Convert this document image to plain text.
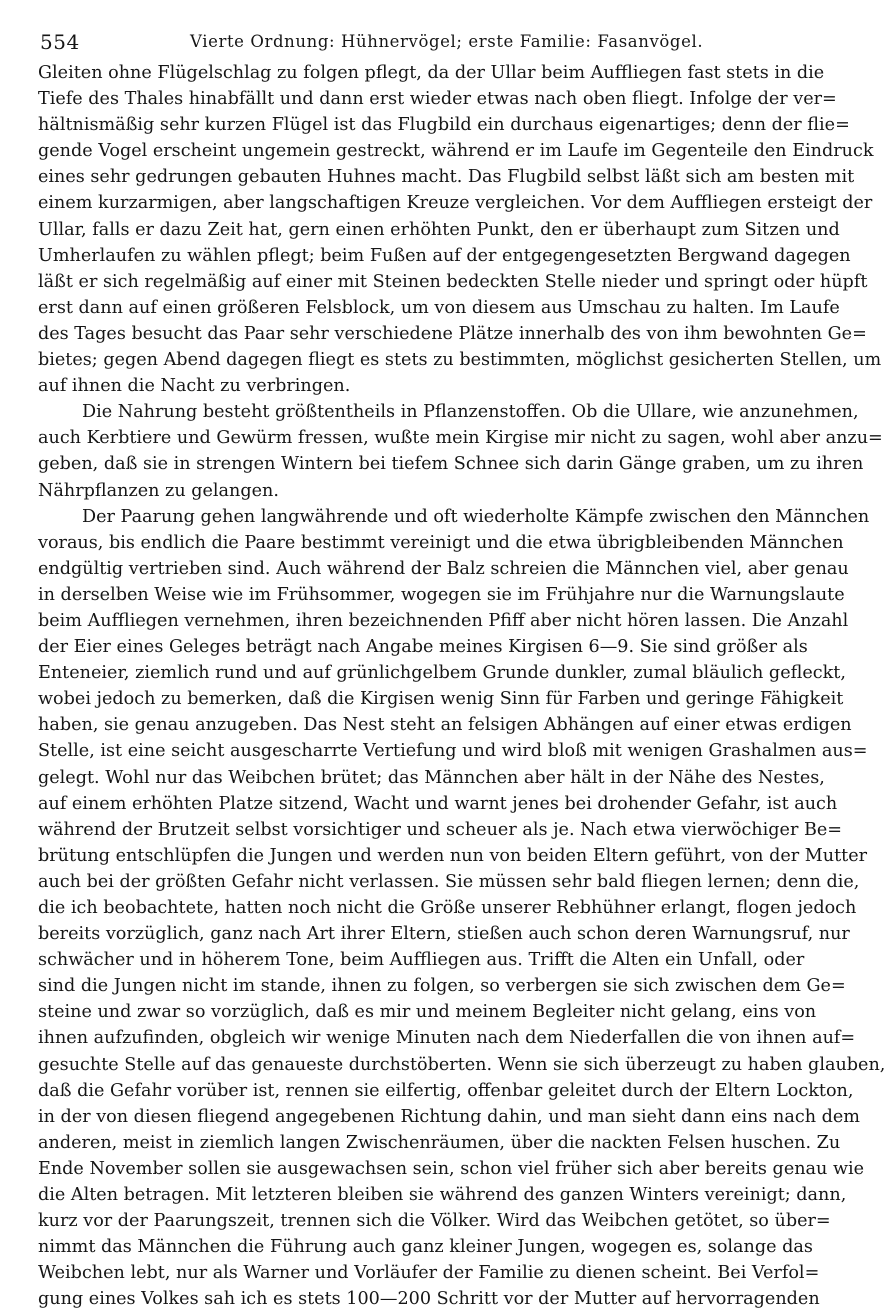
554	Vierte Ordnung: Hühnervögel; erste Familie: Fasanvögel.
Gleiten ohne Flügelschlag zu folgen pflegt, da der Ullar beim Auffliegen fast stets in die
Tiefe des Thales hinabfällt und dann erst wieder etwas nach oben fliegt. Infolge der ver=
hältnismäßig sehr kurzen Flügel ist das Flugbild ein durchaus eigenartiges; denn der flie=
gende Vogel erscheint ungemein gestreckt, während er im Laufe im Gegenteile den Eindruck
eines sehr gedrungen gebauten Huhnes macht. Das Flugbild selbst läßt sich am besten mit
einem kurzarmigen, aber langschaftigen Kreuze vergleichen. Vor dem Auffliegen ersteigt der
Ullar, falls er dazu Zeit hat, gern einen erhöhten Punkt, den er überhaupt zum Sitzen und
Umherlaufen zu wählen pflegt; beim Fußen auf der entgegengesetzten Bergwand dagegen
läßt er sich regelmäßig auf einer mit Steinen bedeckten Stelle nieder und springt oder hüpft
erst dann auf einen größeren Felsblock, um von diesem aus Umschau zu halten. Im Laufe
des Tages besucht das Paar sehr verschiedene Plätze innerhalb des von ihm bewohnten Ge=
bietes; gegen Abend dagegen fliegt es stets zu bestimmten, möglichst gesicherten Stellen, um
auf ihnen die Nacht zu verbringen.
Die Nahrung besteht größtentheils in Pflanzenstoffen. Ob die Ullare, wie anzunehmen,
auch Kerbtiere und Gewürm fressen, wußte mein Kirgise mir nicht zu sagen, wohl aber anzu=
geben, daß sie in strengen Wintern bei tiefem Schnee sich darin Gänge graben, um zu ihren
Nährpflanzen zu gelangen.
Der Paarung gehen langwährende und oft wiederholte Kämpfe zwischen den Männchen
voraus, bis endlich die Paare bestimmt vereinigt und die etwa übrigbleibenden Männchen
endgültig vertrieben sind. Auch während der Balz schreien die Männchen viel, aber genau
in derselben Weise wie im Frühsommer, wogegen sie im Frühjahre nur die Warnungslaute
beim Auffliegen vernehmen, ihren bezeichnenden Pfiff aber nicht hören lassen. Die Anzahl
der Eier eines Geleges beträgt nach Angabe meines Kirgisen 6—9. Sie sind größer als
Enteneier, ziemlich rund und auf grünlichgelbem Grunde dunkler, zumal bläulich gefleckt,
wobei jedoch zu bemerken, daß die Kirgisen wenig Sinn für Farben und geringe Fähigkeit
haben, sie genau anzugeben. Das Nest steht an felsigen Abhängen auf einer etwas erdigen
Stelle, ist eine seicht ausgescharrte Vertiefung und wird bloß mit wenigen Grashalmen aus=
gelegt. Wohl nur das Weibchen brütet; das Männchen aber hält in der Nähe des Nestes,
auf einem erhöhten Platze sitzend, Wacht und warnt jenes bei drohender Gefahr, ist auch
während der Brutzeit selbst vorsichtiger und scheuer als je. Nach etwa vierwöchiger Be=
brütung entschlüpfen die Jungen und werden nun von beiden Eltern geführt, von der Mutter
auch bei der größten Gefahr nicht verlassen. Sie müssen sehr bald fliegen lernen; denn die,
die ich beobachtete, hatten noch nicht die Größe unserer Rebhühner erlangt, flogen jedoch
bereits vorzüglich, ganz nach Art ihrer Eltern, stießen auch schon deren Warnungsruf, nur
schwächer und in höherem Tone, beim Auffliegen aus. Trifft die Alten ein Unfall, oder
sind die Jungen nicht im stande, ihnen zu folgen, so verbergen sie sich zwischen dem Ge=
steine und zwar so vorzüglich, daß es mir und meinem Begleiter nicht gelang, eins von
ihnen aufzufinden, obgleich wir wenige Minuten nach dem Niederfallen die von ihnen auf=
gesuchte Stelle auf das genaueste durchstöberten. Wenn sie sich überzeugt zu haben glauben,
daß die Gefahr vorüber ist, rennen sie eilfertig, offenbar geleitet durch der Eltern Lockton,
in der von diesen fliegend angegebenen Richtung dahin, und man sieht dann eins nach dem
anderen, meist in ziemlich langen Zwischenräumen, über die nackten Felsen huschen. Zu
Ende November sollen sie ausgewachsen sein, schon viel früher sich aber bereits genau wie
die Alten betragen. Mit letzteren bleiben sie während des ganzen Winters vereinigt; dann,
kurz vor der Paarungszeit, trennen sich die Völker. Wird das Weibchen getötet, so über=
nimmt das Männchen die Führung auch ganz kleiner Jungen, wogegen es, solange das
Weibchen lebt, nur als Warner und Vorläufer der Familie zu dienen scheint. Bei Verfol=
gung eines Volkes sah ich es stets 100—200 Schritt vor der Mutter auf hervorragenden
